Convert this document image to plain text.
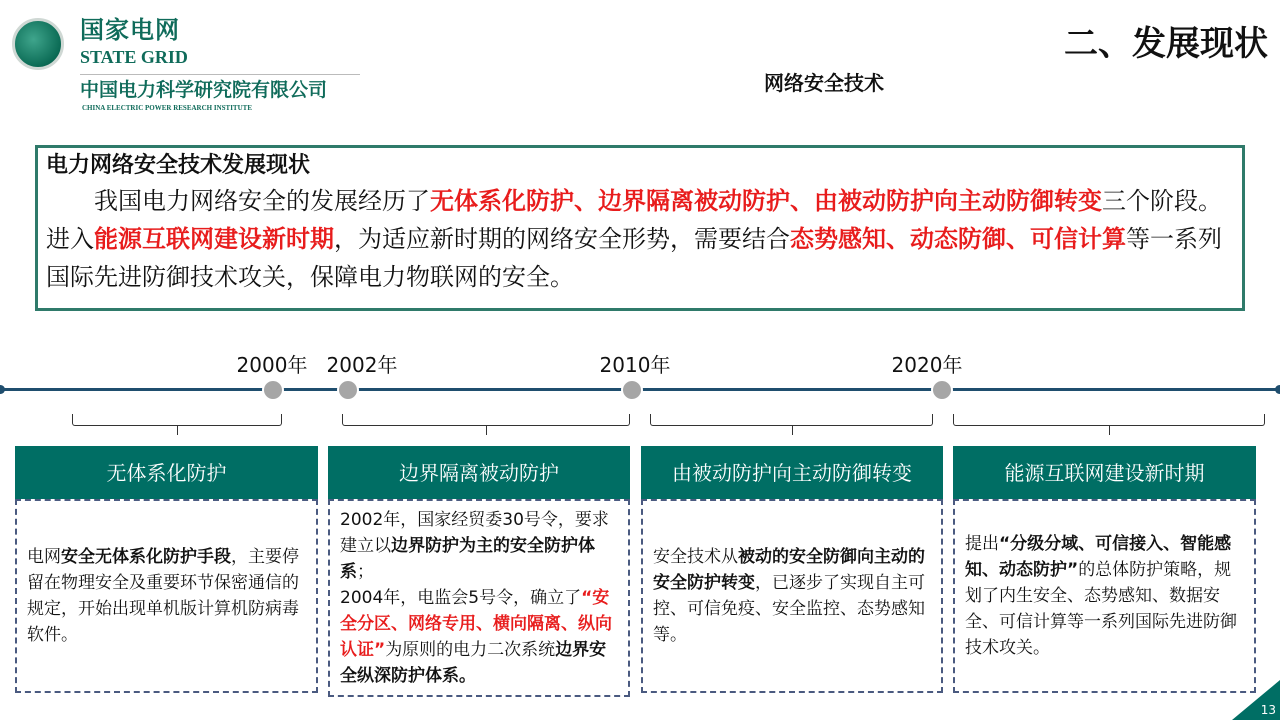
国家电网
STATE GRID
中国电力科学研究院有限公司
CHINA ELECTRIC POWER RESEARCH INSTITUTE
二、发展现状
网络安全技术
电力网络安全技术发展现状

我国电力网络安全的发展经历了无体系化防护、边界隔离被动防护、由被动防护向主动防御转变三个阶段。进入能源互联网建设新时期，为适应新时期的网络安全形势，需要结合态势感知、动态防御、可信计算等一系列国际先进防御技术攻关，保障电力物联网的安全。

2000年 2002年	2010年	2020年
无体系化防护	边界隔离被动防护	由被动防护向主动防御转变	能源互联网建设新时期
电网安全无体系化防护手段，主要停留在物理安全及重要环节保密通信的规定，开始出现单机版计算机防病毒软件。
2002年，国家经贸委30号令，要求建立以边界防护为主的安全防护体系；
2004年，电监会5号令，确立了“安全分区、网络专用、横向隔离、纵向认证”为原则的电力二次系统边界安全纵深防护体系。
安全技术从被动的安全防御向主动的安全防护转变，已逐步了实现自主可控、可信免疫、安全监控、态势感知等。
提出“分级分域、可信接入、智能感知、动态防护”的总体防护策略，规划了内生安全、态势感知、数据安全、可信计算等一系列国际先进防御技术攻关。
13
